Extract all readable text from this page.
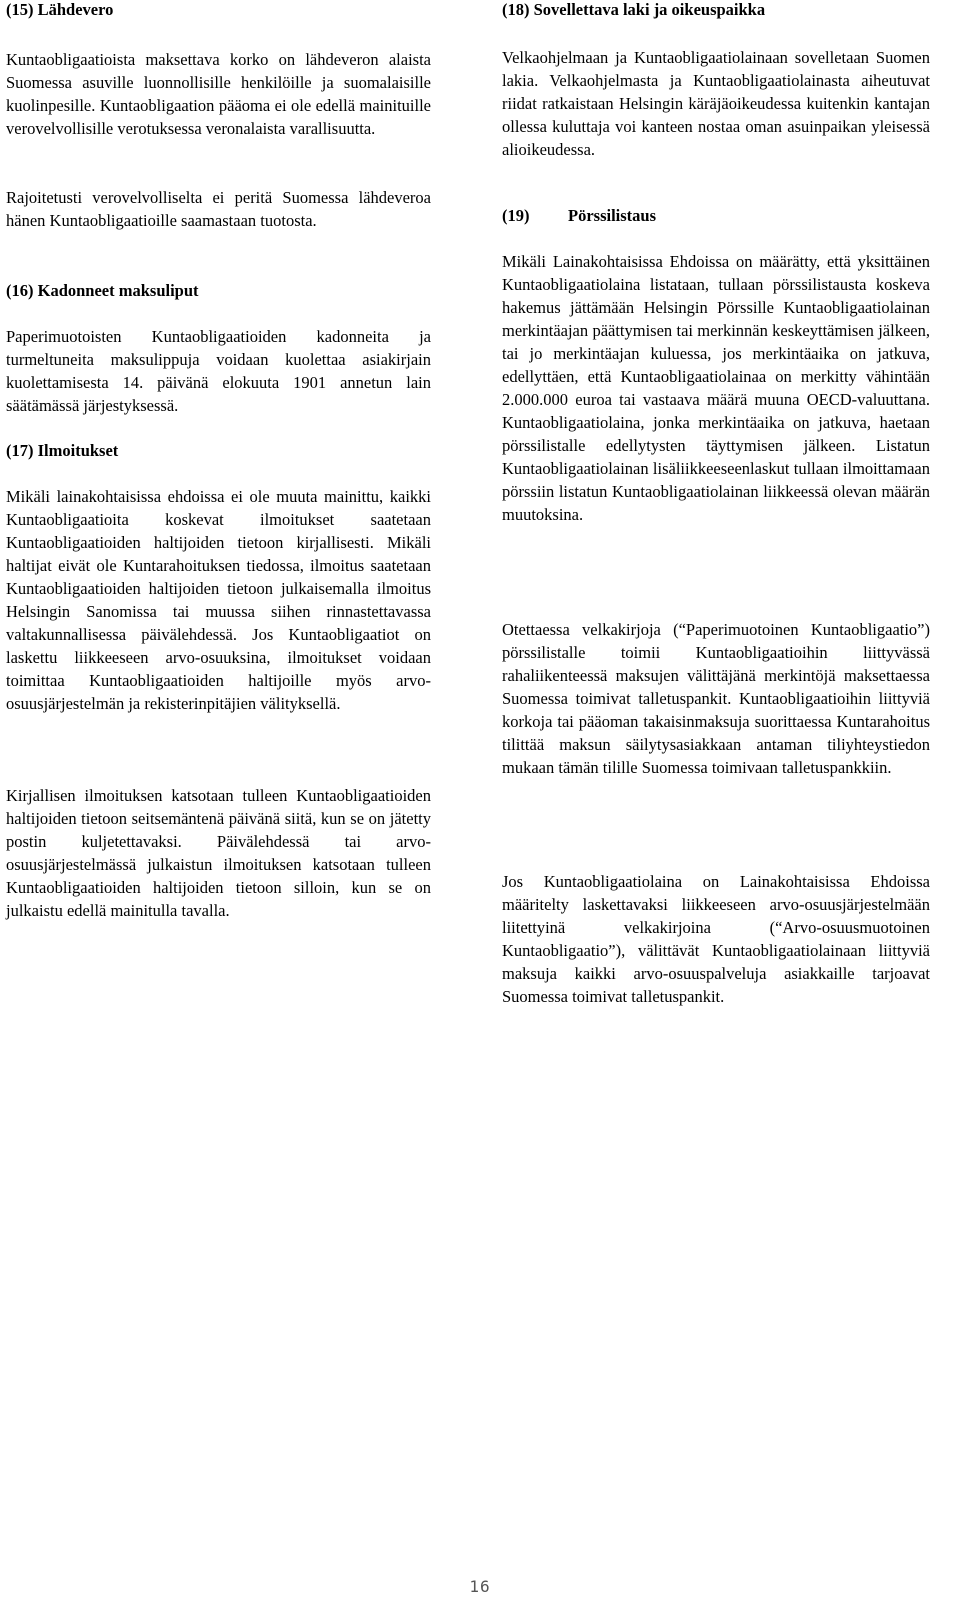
(15) Lähdevero

Kuntaobligaatioista maksettava korko on lähdeveron alaista Suomessa asuville luonnollisille henkilöille ja suomalaisille kuolinpesille. Kuntaobligaation pääoma ei ole edellä mainituille verovelvollisille verotuksessa veronalaista varallisuutta.

Rajoitetusti verovelvolliselta ei peritä Suomessa lähdeveroa hänen Kuntaobligaatioille saamastaan tuotosta.

(16) Kadonneet maksuliput

Paperimuotoisten Kuntaobligaatioiden kadonneita ja turmeltuneita maksulippuja voidaan kuolettaa asiakirjain kuolettamisesta 14. päivänä elokuuta 1901 annetun lain säätämässä järjestyksessä.

(17) Ilmoitukset

Mikäli lainakohtaisissa ehdoissa ei ole muuta mainittu, kaikki Kuntaobligaatioita koskevat ilmoitukset saatetaan Kuntaobligaatioiden haltijoiden tietoon kirjallisesti. Mikäli haltijat eivät ole Kuntarahoituksen tiedossa, ilmoitus saatetaan Kuntaobligaatioiden haltijoiden tietoon julkaisemalla ilmoitus Helsingin Sanomissa tai muussa siihen rinnastettavassa valtakunnallisessa päivälehdessä. Jos Kuntaobligaatiot on laskettu liikkeeseen arvo-osuuksina, ilmoitukset voidaan toimittaa Kuntaobligaatioiden haltijoille myös arvo-osuusjärjestelmän ja rekisterinpitäjien välityksellä.

Kirjallisen ilmoituksen katsotaan tulleen Kuntaobligaatioiden haltijoiden tietoon seitsemäntenä päivänä siitä, kun se on jätetty postin kuljetettavaksi. Päivälehdessä tai arvo-osuusjärjestelmässä julkaistun ilmoituksen katsotaan tulleen Kuntaobligaatioiden haltijoiden tietoon silloin, kun se on julkaistu edellä mainitulla tavalla.

(18) Sovellettava laki ja oikeuspaikka

Velkaohjelmaan ja Kuntaobligaatiolainaan sovelletaan Suomen lakia. Velkaohjelmasta ja Kuntaobligaatiolainasta aiheutuvat riidat ratkaistaan Helsingin käräjäoikeudessa kuitenkin kantajan ollessa kuluttaja voi kanteen nostaa oman asuinpaikan yleisessä alioikeudessa.

(19) Pörssilistaus

Mikäli Lainakohtaisissa Ehdoissa on määrätty, että yksittäinen Kuntaobligaatiolaina listataan, tullaan pörssilistausta koskeva hakemus jättämään Helsingin Pörssille Kuntaobligaatiolainan merkintäajan päättymisen tai merkinnän keskeyttämisen jälkeen, tai jo merkintäajan kuluessa, jos merkintäaika on jatkuva, edellyttäen, että Kuntaobligaatiolainaa on merkitty vähintään 2.000.000 euroa tai vastaava määrä muuna OECD-valuuttana. Kuntaobligaatiolaina, jonka merkintäaika on jatkuva, haetaan pörssilistalle edellytysten täyttymisen jälkeen. Listatun Kuntaobligaatiolainan lisäliikkeeseenlaskut tullaan ilmoittamaan pörssiin listatun Kuntaobligaatiolainan liikkeessä olevan määrän muutoksina.

Otettaessa velkakirjoja (“Paperimuotoinen Kuntaobligaatio”) pörssilistalle toimii Kuntaobligaatioihin liittyvässä rahaliikenteessä maksujen välittäjänä merkintöjä maksettaessa Suomessa toimivat talletuspankit. Kuntaobligaatioihin liittyviä korkoja tai pääoman takaisinmaksuja suorittaessa Kuntarahoitus tilittää maksun säilytysasiakkaan antaman tiliyhteystiedon mukaan tämän tilille Suomessa toimivaan talletuspankkiin.

Jos Kuntaobligaatiolaina on Lainakohtaisissa Ehdoissa määritelty laskettavaksi liikkeeseen arvo-osuusjärjestelmään liitettyinä velkakirjoina (“Arvo-osuusmuotoinen Kuntaobligaatio”), välittävät Kuntaobligaatiolainaan liittyviä maksuja kaikki arvo-osuuspalveluja asiakkaille tarjoavat Suomessa toimivat talletuspankit.

16
